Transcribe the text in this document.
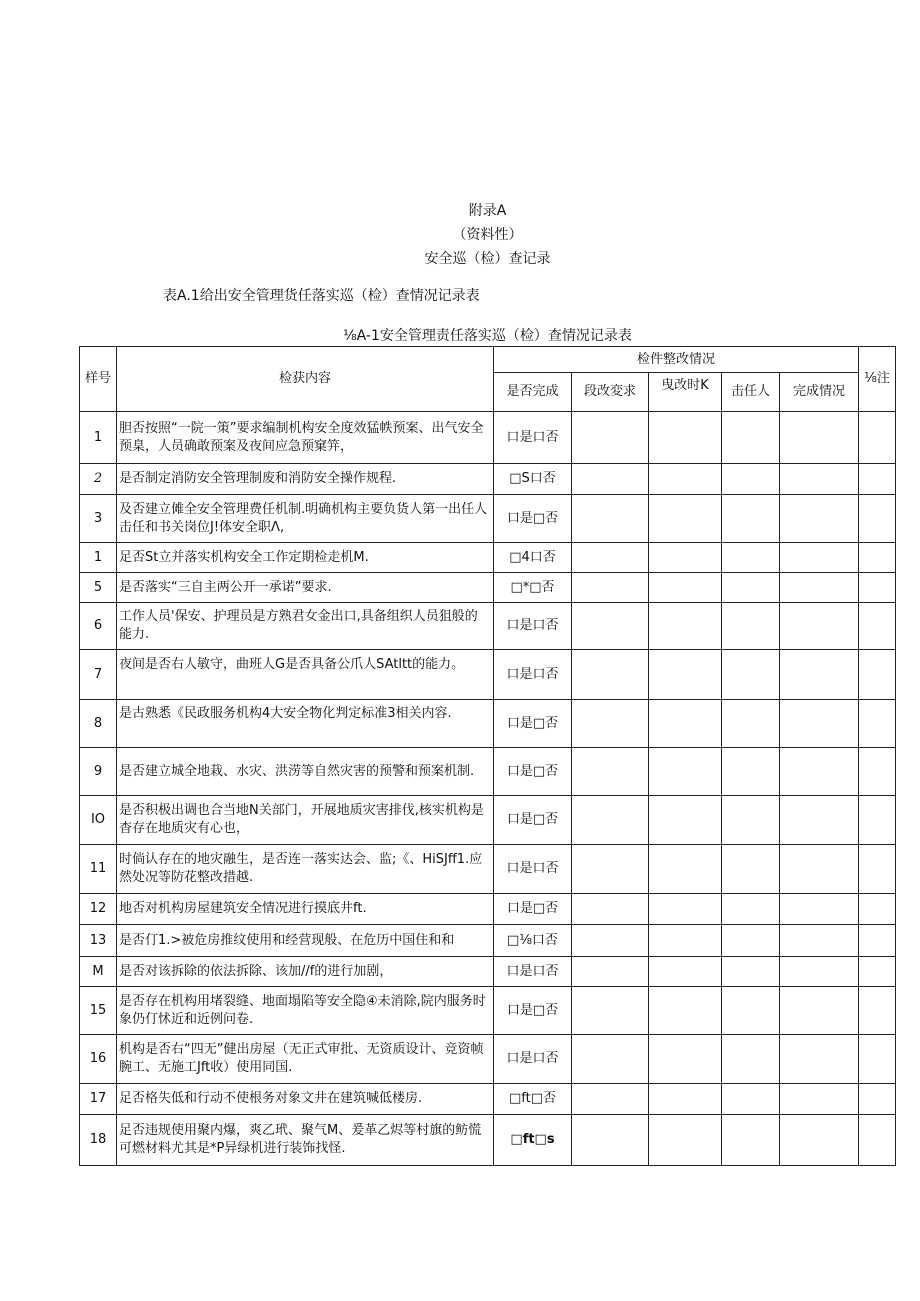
附录A
（资料性）
安全巡（检）查记录
表A.1给出安全管理货任落实巡（检）查情况记录表
⅛A-1安全管理责任落实巡（检）查情况记录表
样号	检获内容	检件整改情况					⅛注
		是否完成	段改変求	曳改时K	击任人	完成情况	
1	胆否按照“一院一策”要求编制机构安全度效猛帙预案、出气安全预臬，人员确敢预案及夜间应急预窠笄，	口是口否					
2	是否制定消防安全管理制废和消防安全操作规程.	□S口否					
3	及否建立傩全安全管理费任机制.明确机构主要负货人第一出任人击任和书关岗位J!体安全职Λ,	口是□否					
1	足否St立并落实机构安全工作定期检走机M.	□4口否					
5	是否落实“三自主两公开一承诺”要求.	□*□否					
6	工作人员'保安、护理员是方熟君女金出口,具备组织人员狙般的能力.	口是口否					
7	夜间是否右人敏守，曲班人G是否具备公爪人SAtltt的能力。	口是口否					
8	是古熟悉《民政服务机构4大安全物化判定标准3相关内容.	口是□否					
9	是否建立城全地栽、水灾、洪涝等自然灾害的预警和预案机制.	口是□否					
IO	是否积极出调也合当地N关部门，开展地质灾害排伐,核实机构是杳存在地质灾有心也，	口是□否					
11	时倘认存在的地灾融生，是否连一落实达会、监;《、HiSJff1.应然处况等防花整改措越.	口是口否					
12	地否对机构房屋建筑安全情况进行摸底井ft.	口是□否					
13	是否仃1.>被危房推纹使用和经营现般、在危历中国住和和	□⅛口否					
M	是否对该拆除的依法拆除、该加//f的进行加剧，	口是口否					
15	是否存在机构用堵裂缝、地面塌陷等安全隐④未消除,院内服务时象仍仃怵近和近例问卷.	口是□否					
16	机构是否右“四无”健出房屋（无正式审批、无资质设计、竞资帧腕工、无施工Jft收）使用同国.	口是口否					
17	足否格失低和行动不使根务对象文井在建筑喊低楼房.	□ft□否					
18	足否违规使用聚内爆，爽乙玳、聚气M、爰革乙烬等村旗的鲂慌可燃材料尤其是*P异绿机进行装饰找怪.	□ft□s					
